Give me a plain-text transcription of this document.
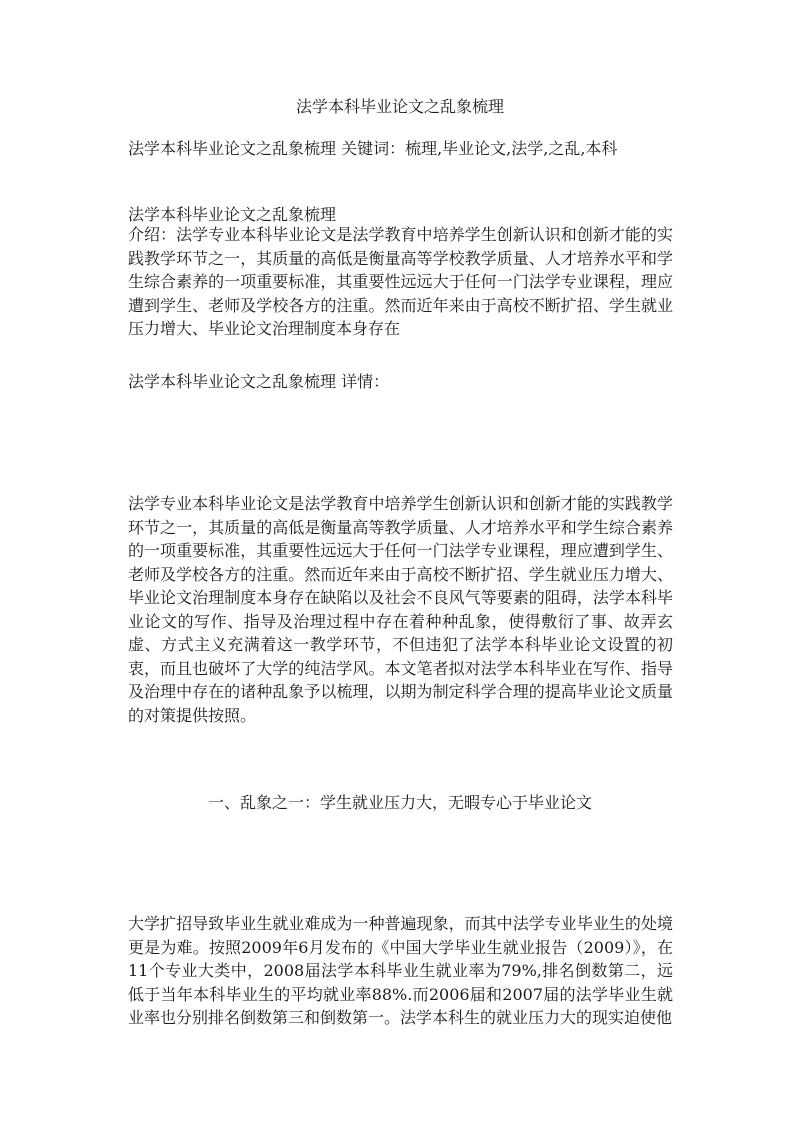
法学本科毕业论文之乱象梳理

法学本科毕业论文之乱象梳理 关键词：梳理,毕业论文,法学,之乱,本科

法学本科毕业论文之乱象梳理

介绍：法学专业本科毕业论文是法学教育中培养学生创新认识和创新才能的实践教学环节之一，其质量的高低是衡量高等学校教学质量、人才培养水平和学生综合素养的一项重要标准，其重要性远远大于任何一门法学专业课程，理应遭到学生、老师及学校各方的注重。然而近年来由于高校不断扩招、学生就业压力增大、毕业论文治理制度本身存在

法学本科毕业论文之乱象梳理 详情：

法学专业本科毕业论文是法学教育中培养学生创新认识和创新才能的实践教学环节之一，其质量的高低是衡量高等教学质量、人才培养水平和学生综合素养的一项重要标准，其重要性远远大于任何一门法学专业课程，理应遭到学生、老师及学校各方的注重。然而近年来由于高校不断扩招、学生就业压力增大、毕业论文治理制度本身存在缺陷以及社会不良风气等要素的阻碍，法学本科毕业论文的写作、指导及治理过程中存在着种种乱象，使得敷衍了事、故弄玄虚、方式主义充满着这一教学环节，不但违犯了法学本科毕业论文设置的初衷，而且也破坏了大学的纯洁学风。本文笔者拟对法学本科毕业在写作、指导及治理中存在的诸种乱象予以梳理，以期为制定科学合理的提高毕业论文质量的对策提供按照。

一、乱象之一：学生就业压力大，无暇专心于毕业论文

大学扩招导致毕业生就业难成为一种普遍现象，而其中法学专业毕业生的处境更是为难。按照2009年6月发布的《中国大学毕业生就业报告（2009）》，在11个专业大类中，2008届法学本科毕业生就业率为79%,排名倒数第二，远低于当年本科毕业生的平均就业率88%.而2006届和2007届的法学毕业生就业率也分别排名倒数第三和倒数第一。法学本科生的就业压力大的现实迫使他
